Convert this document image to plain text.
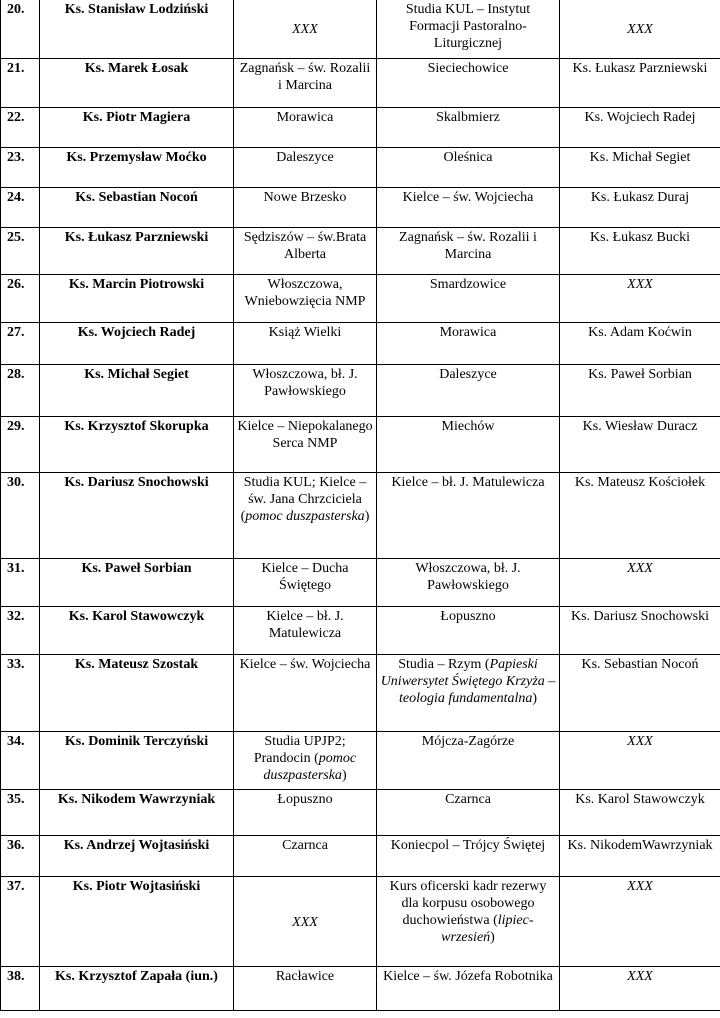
20.	Ks. Stanisław Lodziński	XXX	Studia KUL – Instytut Formacji Pastoralno-Liturgicznej	XXX
21.	Ks. Marek Łosak	Zagnańsk – św. Rozalii i Marcina	Sieciechowice	Ks. Łukasz Parzniewski
22.	Ks. Piotr Magiera	Morawica	Skalbmierz	Ks. Wojciech Radej
23.	Ks. Przemysław Moćko	Daleszyce	Oleśnica	Ks. Michał Segiet
24.	Ks. Sebastian Nocoń	Nowe Brzesko	Kielce – św. Wojciecha	Ks. Łukasz Duraj
25.	Ks. Łukasz Parzniewski	Sędziszów – św.Brata Alberta	Zagnańsk – św. Rozalii i Marcina	Ks. Łukasz Bucki
26.	Ks. Marcin Piotrowski	Włoszczowa, Wniebowzięcia NMP	Smardzowice	XXX
27.	Ks. Wojciech Radej	Książ Wielki	Morawica	Ks. Adam Koćwin
28.	Ks. Michał Segiet	Włoszczowa, bł. J. Pawłowskiego	Daleszyce	Ks. Paweł Sorbian
29.	Ks. Krzysztof Skorupka	Kielce – Niepokalanego Serca NMP	Miechów	Ks. Wiesław Duracz
30.	Ks. Dariusz Snochowski	Studia KUL; Kielce – św. Jana Chrzciciela (pomoc duszpasterska)	Kielce – bł. J. Matulewicza	Ks. Mateusz Kościołek
31.	Ks. Paweł Sorbian	Kielce – Ducha Świętego	Włoszczowa, bł. J. Pawłowskiego	XXX
32.	Ks. Karol Stawowczyk	Kielce – bł. J. Matulewicza	Łopuszno	Ks. Dariusz Snochowski
33.	Ks. Mateusz Szostak	Kielce – św. Wojciecha	Studia – Rzym (Papieski Uniwersytet Świętego Krzyża – teologia fundamentalna)	Ks. Sebastian Nocoń
34.	Ks. Dominik Terczyński	Studia UPJP2; Prandocin (pomoc duszpasterska)	Mójcza-Zagórze	XXX
35.	Ks. Nikodem Wawrzyniak	Łopuszno	Czarnca	Ks. Karol Stawowczyk
36.	Ks. Andrzej Wojtasiński	Czarnca	Koniecpol – Trójcy Świętej	Ks. NikodemWawrzyniak
37.	Ks. Piotr Wojtasiński	XXX	Kurs oficerski kadr rezerwy dla korpusu osobowego duchowieństwa (lipiec-wrzesień)	XXX
38.	Ks. Krzysztof Zapała (iun.)	Racławice	Kielce – św. Józefa Robotnika	XXX
